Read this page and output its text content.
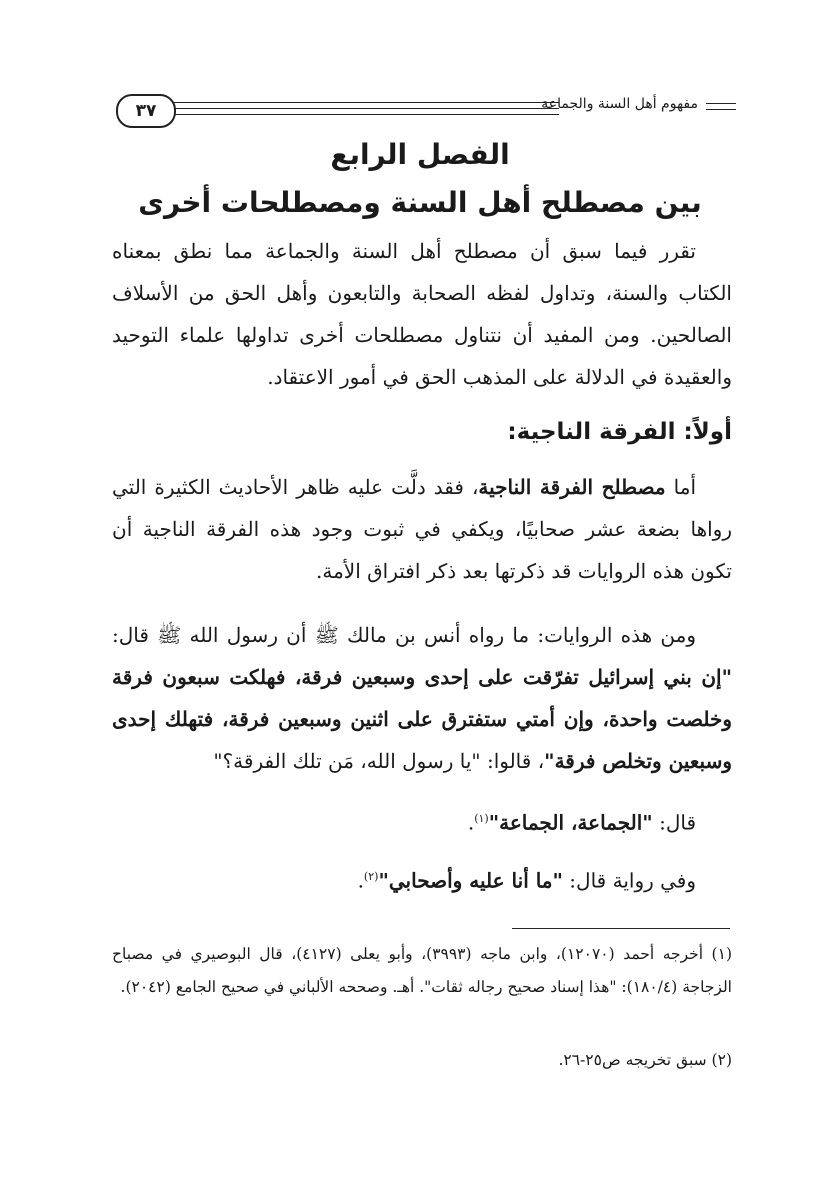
٣٧	مفهوم أهل السنة والجماعة
الفصل الرابع
بين مصطلح أهل السنة ومصطلحات أخرى

تقرر فيما سبق أن مصطلح أهل السنة والجماعة مما نطق بمعناه الكتاب والسنة، وتداول لفظه الصحابة والتابعون وأهل الحق من الأسلاف الصالحين. ومن المفيد أن نتناول مصطلحات أخرى تداولها علماء التوحيد والعقيدة في الدلالة على المذهب الحق في أمور الاعتقاد.

أولاً: الفرقة الناجية:

أما مصطلح الفرقة الناجية، فقد دلَّت عليه ظاهر الأحاديث الكثيرة التي رواها بضعة عشر صحابيًا، ويكفي في ثبوت وجود هذه الفرقة الناجية أن تكون هذه الروايات قد ذكرتها بعد ذكر افتراق الأمة.

ومن هذه الروايات: ما رواه أنس بن مالك ﷺ أن رسول الله ﷺ قال: "إن بني إسرائيل تفرّقت على إحدى وسبعين فرقة، فهلكت سبعون فرقة وخلصت واحدة، وإن أمتي ستفترق على اثنين وسبعين فرقة، فتهلك إحدى وسبعين وتخلص فرقة"، قالوا: "يا رسول الله، مَن تلك الفرقة؟"

قال: "الجماعة، الجماعة"$^{(١)}$.

وفي رواية قال: "ما أنا عليه وأصحابي"$^{(٢)}$.

(١) أخرجه أحمد (١٢٠٧٠)، وابن ماجه (٣٩٩٣)، وأبو يعلى (٤١٢٧)، قال البوصيري في مصباح الزجاجة (١٨٠/٤): "هذا إسناد صحيح رجاله ثقات". أهـ. وصححه الألباني في صحيح الجامع (٢٠٤٢).

(٢) سبق تخريجه ص٢٥-٢٦.
